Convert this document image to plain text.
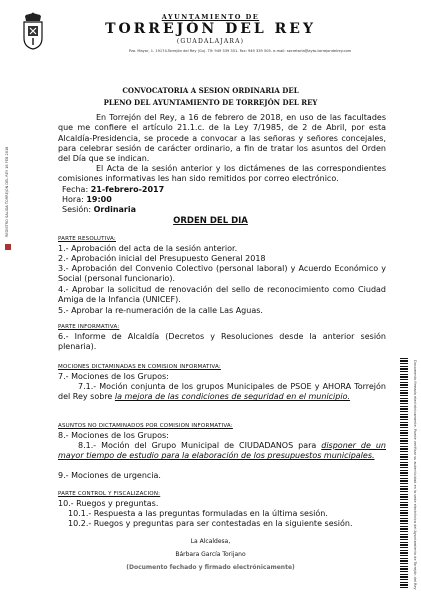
AYUNTAMIENTO DE
TORREJÓN DEL REY
(GUADALAJARA)
Pza. Mayor, 1. 19174-Torrejón del Rey (Gu). Tlf: 949 339 351. Fax: 949 339 505. e-mail: secretaria@ayto-torrejondelrey.com
REGISTRO SALIDA TORREJÓN DEL REY 16 FEB 2018
CONVOCATORIA A SESION ORDINARIA DEL
PLENO DEL AYUNTAMIENTO DE TORREJÓN DEL REY
En Torrejón del Rey, a 16 de febrero de 2018, en uso de las facultades que me confiere el artículo 21.1.c. de la Ley 7/1985, de 2 de Abril, por esta Alcaldía-Presidencia, se procede a convocar a las señoras y señores concejales, para celebrar sesión de carácter ordinario, a fin de tratar los asuntos del Orden del Día que se indican.
El Acta de la sesión anterior y los dictámenes de las correspondientes comisiones informativas les han sido remitidos por correo electrónico.
Fecha: 21-febrero-2017
Hora: 19:00
Sesión: Ordinaria
ORDEN DEL DIA
PARTE RESOLUTIVA:
1.- Aprobación del acta de la sesión anterior.
2.- Aprobación inicial del Presupuesto General 2018
3.- Aprobación del Convenio Colectivo (personal laboral) y Acuerdo Económico y Social (personal funcionario).
4.- Aprobar la solicitud de renovación del sello de reconocimiento como Ciudad Amiga de la Infancia (UNICEF).
5.- Aprobar la re-numeración de la calle Las Aguas.
PARTE INFORMATIVA:
6.- Informe de Alcaldía (Decretos y Resoluciones desde la anterior sesión plenaria).
MOCIONES DICTAMINADAS EN COMISION INFORMATIVA:
7.- Mociones de los Grupos:
7.1.- Moción conjunta de los grupos Municipales de PSOE y AHORA Torrejón del Rey sobre la mejora de las condiciones de seguridad en el municipio.
ASUNTOS NO DICTAMINADOS POR COMISION INFORMATIVA:
8.- Mociones de los Grupos:
8.1.- Moción del Grupo Municipal de CIUDADANOS para disponer de un mayor tiempo de estudio para la elaboración de los presupuestos municipales.
9.- Mociones de urgencia.
PARTE CONTROL Y FISCALIZACION:
10.- Ruegos y preguntas.
10.1.- Respuesta a las preguntas formuladas en la última sesión.
10.2.- Ruegos y preguntas para ser contestadas en la siguiente sesión.
La Alcaldesa,
Bárbara García Torijano
(Documento fechado y firmado electrónicamente)	Documento firmado electrónicamente. Puede verificar su autenticidad en la sede electrónica del Ayuntamiento de Torrejón del Rey
